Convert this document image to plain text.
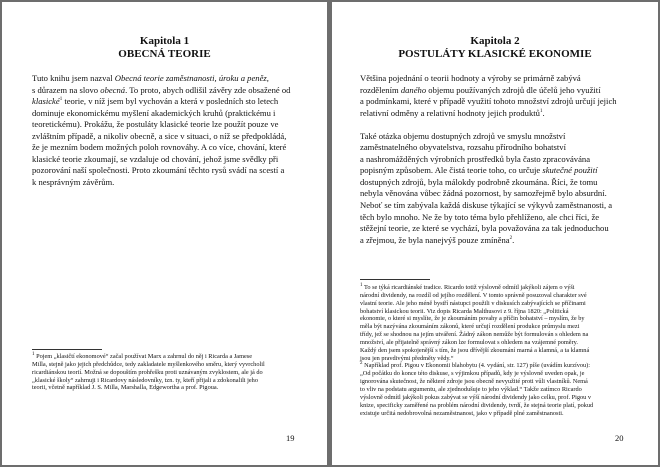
Kapitola 1
OBECNÁ TEORIE
Tuto knihu jsem nazval Obecná teorie zaměstnanosti, úroku a peněz,
s důrazem na slovo obecná. To proto, abych odlišil závěry zde obsažené od
klasické$^1$ teorie, v níž jsem byl vychován a která v posledních sto letech
dominuje ekonomickému myšlení akademických kruhů (praktickému i
teoretickému). Prokážu, že postuláty klasické teorie lze použít pouze ve
zvláštním případě, a nikoliv obecně, a sice v situaci, o níž se předpokládá,
že je mezním bodem možných poloh rovnováhy. A co více, chování, které
klasické teorie zkoumají, se vzdaluje od chování, jehož jsme svědky při
pozorování naší společnosti. Proto zkoumání těchto rysů svádí na scestí a
k nesprávným závěrům.
$^1$ Pojem „klasičtí ekonomové“ začal používat Marx a zahrnul do něj i Ricarda a Jamese
Milla, stejně jako jejich předchůdce, tedy zakladatele myšlenkového směru, který vyvrcholil
ricardiánskou teorií. Možná se dopouštím prohřešku proti uznávaným zvyklostem, ale já do
„klasické školy“ zahrnuji i Ricardovy následovníky, tzn. ty, kteří přijali a zdokonalili jeho
teorii, včetně například J. S. Milla, Marshalla, Edgewortha a prof. Pigoua.
19
Kapitola 2
POSTULÁTY KLASICKÉ EKONOMIE
Většina pojednání o teorii hodnoty a výroby se primárně zabývá
rozdělením daného objemu používaných zdrojů dle účelů jeho využití
a podmínkami, které v případě využití tohoto množství zdrojů určují jejich
relativní odměny a relativní hodnoty jejich produktů$^1$.
Také otázka objemu dostupných zdrojů ve smyslu množství
zaměstnatelného obyvatelstva, rozsahu přírodního bohatství
a nashromážděných výrobních prostředků byla často zpracovávána
popisným způsobem. Ale čistá teorie toho, co určuje skutečné použití
dostupných zdrojů, byla málokdy podrobně zkoumána. Říci, že tomu
nebyla věnována vůbec žádná pozornost, by samozřejmě bylo absurdní.
Neboť se tím zabývala každá diskuse týkající se výkyvů zaměstnanosti, a
těch bylo mnoho. Ne že by toto téma bylo přehlíženo, ale chci říci, že
stěžejní teorie, ze které se vychází, byla považována za tak jednoduchou
a zřejmou, že byla nanejvýš pouze zmíněna$^2$.
$^1$ To se týká ricardiánské tradice. Ricardo totiž výslovně odmítl jakýkoli zájem o výši
národní dividendy, na rozdíl od jejího rozdělení. V tomto správně posuzoval charakter své
vlastní teorie. Ale jeho méně bystří nástupci použili v diskusích zabývajících se příčinami
bohatství klasickou teorii. Viz dopis Ricarda Malthusovi z 9. října 1820: „Politická
ekonomie, o které si myslíte, že je zkoumáním povahy a příčin bohatství – myslím, že by
měla být nazývána zkoumáním zákonů, které určují rozdělení produkce průmyslu mezi
třídy, jež se shodnou na jejím utváření. Žádný zákon nemůže být formulován s ohledem na
množství, ale přijatelně správný zákon lze formulovat s ohledem na vzájemné poměry.
Každý den jsem spokojenější s tím, že jsou dřívější zkoumání marná a klamná, a ta klamná
jsou jen pravdivými předměty vědy.“
$^2$ Například prof. Pigou v Ekonomii blahobytu (4. vydání, str. 127) píše (uvádím kurzívou):
„Od počátku do konce této diskuse, s výjimkou případů, kdy je výslovně uveden opak, je
ignorována skutečnost, že některé zdroje jsou obecně nevyužité proti vůli vlastníků. Nemá
to vliv na podstatu argumentu, ale zjednodušuje to jeho výklad.“ Takže zatímco Ricardo
výslovně odmítl jakýkoli pokus zabývat se výší národní dividendy jako celku, prof. Pigou v
knize, specificky zaměřené na problém národní dividendy, tvrdí, že stejná teorie platí, pokud
existuje určitá nedobrovolná nezaměstnanost, jako v případě plné zaměstnanosti.
20
